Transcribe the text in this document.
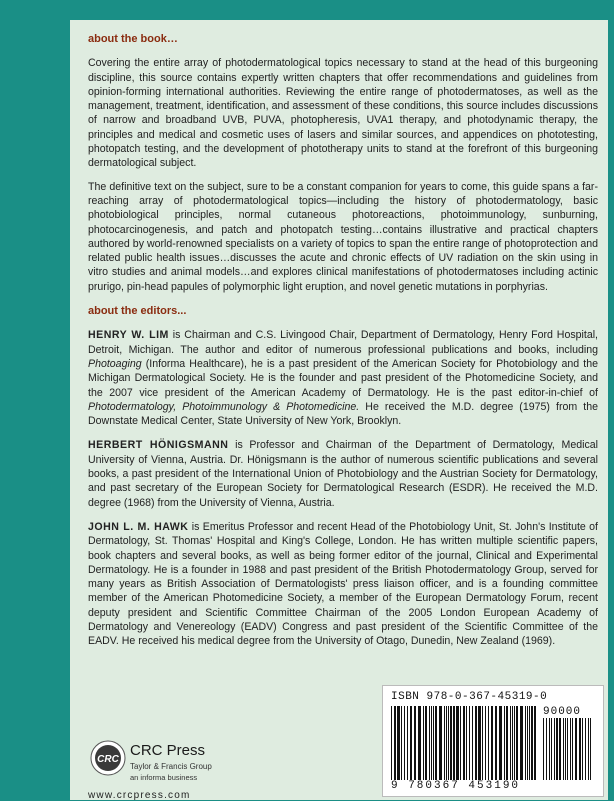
about the book…

Covering the entire array of photodermatological topics necessary to stand at the head of this burgeoning discipline, this source contains expertly written chapters that offer recommendations and guidelines from opinion-forming international authorities. Reviewing the entire range of photodermatoses, as well as the management, treatment, identification, and assessment of these conditions, this source includes discussions of narrow and broadband UVB, PUVA, photopheresis, UVA1 therapy, and photodynamic therapy, the principles and medical and cosmetic uses of lasers and similar sources, and appendices on phototesting, photopatch testing, and the development of phototherapy units to stand at the forefront of this burgeoning dermatological subject.

The definitive text on the subject, sure to be a constant companion for years to come, this guide spans a far-reaching array of photodermatological topics—including the history of photodermatology, basic photobiological principles, normal cutaneous photoreactions, photoimmunology, sunburning, photocarcinogenesis, and patch and photopatch testing…contains illustrative and practical chapters authored by world-renowned specialists on a variety of topics to span the entire range of photoprotection and related public health issues…discusses the acute and chronic effects of UV radiation on the skin using in vitro studies and animal models…and explores clinical manifestations of photodermatoses including actinic prurigo, pin-head papules of polymorphic light eruption, and novel genetic mutations in porphyrias.

about the editors...

HENRY W. LIM is Chairman and C.S. Livingood Chair, Department of Dermatology, Henry Ford Hospital, Detroit, Michigan. The author and editor of numerous professional publications and books, including Photoaging (Informa Healthcare), he is a past president of the American Society for Photobiology and the Michigan Dermatological Society. He is the founder and past president of the Photomedicine Society, and the 2007 vice president of the American Academy of Dermatology. He is the past editor-in-chief of Photodermatology, Photoimmunology & Photomedicine. He received the M.D. degree (1975) from the Downstate Medical Center, State University of New York, Brooklyn.

HERBERT HÖNIGSMANN is Professor and Chairman of the Department of Dermatology, Medical University of Vienna, Austria. Dr. Hönigsmann is the author of numerous scientific publications and several books, a past president of the International Union of Photobiology and the Austrian Society for Dermatology, and past secretary of the European Society for Dermatological Research (ESDR). He received the M.D. degree (1968) from the University of Vienna, Austria.

JOHN L. M. HAWK is Emeritus Professor and recent Head of the Photobiology Unit, St. John's Institute of Dermatology, St. Thomas' Hospital and King's College, London. He has written multiple scientific papers, book chapters and several books, as well as being former editor of the journal, Clinical and Experimental Dermatology. He is a founder in 1988 and past president of the British Photodermatology Group, served for many years as British Association of Dermatologists' press liaison officer, and is a founding committee member of the American Photomedicine Society, a member of the European Dermatology Forum, recent deputy president and Scientific Committee Chairman of the 2005 London European Academy of Dermatology and Venereology (EADV) Congress and past president of the Scientific Committee of the EADV. He received his medical degree from the University of Otago, Dunedin, New Zealand (1969).

CRC
CRC Press
Taylor & Francis Group
an informa business
www.crcpress.com
ISBN 978-0-367-45319-0
90000
9 780367 453190
